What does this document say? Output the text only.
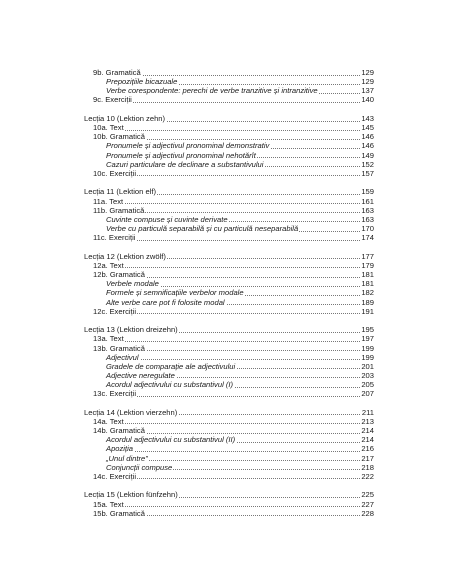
9b. Gramatică	129
Prepozițiile bicazuale	129
Verbe corespondente: perechi de verbe tranzitive și intranzitive	137
9c. Exerciții	140
Lecția 10 (Lektion zehn)	143
10a. Text	145
10b. Gramatică	146
Pronumele și adjectivul pronominal demonstrativ	146
Pronumele și adjectivul pronominal nehotărît	149
Cazuri particulare de declinare a substantivului	152
10c. Exerciții	157
Lecția 11 (Lektion elf)	159
11a. Text	161
11b. Gramatică	163
Cuvinte compuse și cuvinte derivate	163
Verbe cu particulă separabilă și cu particulă neseparabilă	170
11c. Exerciții	174
Lecția 12 (Lektion zwölf)	177
12a. Text	179
12b. Gramatică	181
Verbele modale	181
Formele și semnificațiile verbelor modale	182
Alte verbe care pot fi folosite modal	189
12c. Exerciții	191
Lecția 13 (Lektion dreizehn)	195
13a. Text	197
13b. Gramatică	199
Adjectivul	199
Gradele de comparație ale adjectivului	201
Adjective neregulate	203
Acordul adjectivului cu substantivul (I)	205
13c. Exerciții	207
Lecția 14 (Lektion vierzehn)	211
14a. Text	213
14b. Gramatică	214
Acordul adjectivului cu substantivul (II)	214
Apoziția	216
„Unul dintre”	217
Conjuncții compuse	218
14c. Exerciții	222
Lecția 15 (Lektion fünfzehn)	225
15a. Text	227
15b. Gramatică	228
